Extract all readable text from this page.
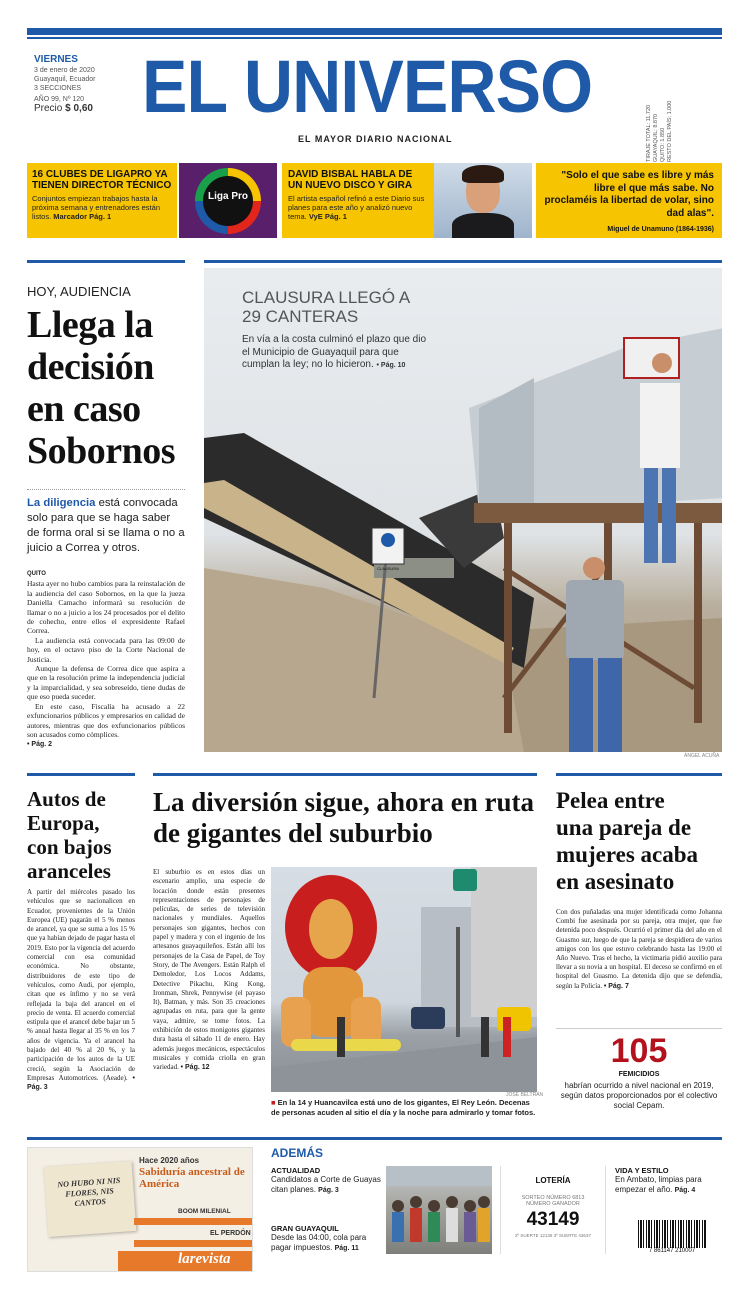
VIERNES
3 de enero de 2020
Guayaquil, Ecuador
3 SECCIONES
AÑO 99, Nº 120
Precio $ 0,60 EL UNIVERSO
EL MAYOR DIARIO NACIONAL	TIRAJE TOTAL: 11.720 GUAYAQUIL: 8.870 QUITO: 1.850 RESTO DEL PAÍS: 1.000
16 CLUBES DE LIGAPRO YA TIENEN DIRECTOR TÉCNICO
Conjuntos empiezan trabajos hasta la próxima semana y entrenadores están listos. Marcador Pág. 1
Liga Pro
DAVID BISBAL HABLA DE UN NUEVO DISCO Y GIRA
El artista español refinó a este Diario sus planes para este año y analizó nuevo tema. VyE Pág. 1
"Solo el que sabe es libre y más libre el que más sabe. No proclaméis la libertad de volar, sino dad alas".
Miguel de Unamuno (1864-1936)
HOY, AUDIENCIA
Llega la
decisión
en caso
Sobornos
La diligencia está convocada solo para que se haga saber de forma oral si se llama o no a juicio a Correa y otros.
QUITO

Hasta ayer no hubo cambios para la reinstalación de la audiencia del caso Sobornos, en la que la jueza Daniella Camacho informará su resolución de llamar o no a juicio a los 24 procesados por el delito de cohecho, entre ellos el expresidente Rafael Correa.

La audiencia está convocada para las 09:00 de hoy, en el octavo piso de la Corte Nacional de Justicia.

Aunque la defensa de Correa dice que aspira a que en la resolución prime la independencia judicial y la imparcialidad, y sea sobreseído, tiene dudas de que eso pueda suceder.

En este caso, Fiscalía ha acusado a 22 exfuncionarios públicos y empresarios en calidad de autores, mientras que dos exfuncionarios públicos son acusados como cómplices.

• Pág. 2
CLAUSURA LLEGÓ A 29 CANTERAS
En vía a la costa culminó el plazo que dio el Municipio de Guayaquil para que cumplan la ley; no lo hicieron. • Pág. 10
CLAUSURA
ÁNGEL ACUÑA
Autos de
Europa,
con bajos
aranceles
A partir del miércoles pasado los vehículos que se nacionalicen en Ecuador, provenientes de la Unión Europea (UE) pagarán el 5 % menos de arancel, ya que se suma a los 15 % que ya habían dejado de pagar hasta el 2019. Esto por la vigencia del acuerdo comercial con esa comunidad económica. No obstante, distribuidores de este tipo de vehículos, como Audi, por ejemplo, citan que es ínfimo y no se verá reflejada la baja del arancel en el precio de venta. El acuerdo comercial estipula que el arancel debe bajar un 5 % anual hasta llegar al 35 % en los 7 años de vigencia. Ya el arancel ha bajado del 40 % al 20 %, y la participación de los autos de la UE creció, según la Asociación de Empresas Automotrices. (Aeade). • Pág. 3
La diversión sigue, ahora en ruta de gigantes del suburbio
El suburbio es en estos días un escenario amplio, una especie de locación donde están presentes representaciones de personajes de películas, de series de televisión nacionales y mundiales. Aquellos personajes son gigantes, hechos con papel y madera y con el ingenio de los artesanos guayaquileños. Están allí los personajes de la Casa de Papel, de Toy Story, de The Avengers. Están Ralph el Demoledor, Los Locos Addams, Detective Pikachu, King Kong, Ironman, Shrek, Pennywise (el payaso It), Batman, y más. Son 35 creaciones agrupadas en ruta, para que la gente vaya, admire, se tome fotos. La exhibición de estos monigotes gigantes dura hasta el sábado 11 de enero. Hay además juegos mecánicos, espectáculos musicales y comida criolla en gran variedad. • Pág. 12
JOSÉ BELTRÁN
■ En la 14 y Huancavilca está uno de los gigantes, El Rey León. Decenas de personas acuden al sitio el día y la noche para admirarlo y tomar fotos.
Pelea entre
una pareja de
mujeres acaba
en asesinato
Con dos puñaladas una mujer identificada como Johanna Combi fue asesinada por su pareja, otra mujer, que fue detenida poco después. Ocurrió el primer día del año en el Guasmo sur, luego de que la pareja se despidiera de varios amigos con los que estuvo celebrando hasta las 19:00 el Año Nuevo. Tras el hecho, la victimaria pidió auxilio para llevar a su novia a un hospital. El deceso se confirmó en el hospital del Guasmo. La detenida dijo que se defendía, según la Policía. • Pág. 7
105
FEMICIDIOS
habrían ocurrido a nivel nacional en 2019, según datos proporcionados por el colectivo social Cepam.
NO HUBO NI NIS FLORES, NIS CANTOS
Hace 2020 años
Sabiduría ancestral de América
BOOM MILENIAL
EL PERDÓN
larevista
ADEMÁS
ACTUALIDAD
Candidatos a Corte de Guayas citan planes. Pág. 3
GRAN GUAYAQUIL
Desde las 04:00, cola para pagar impuestos. Pág. 11
LOTERÍA
SORTEO NÚMERO 6813
NÚMERO GANADOR
43149
2º SUERTE 12136 3º SUERTE 43637
VIDA Y ESTILO
En Ambato, limpias para empezar el año. Pág. 4
7 861147 210007
